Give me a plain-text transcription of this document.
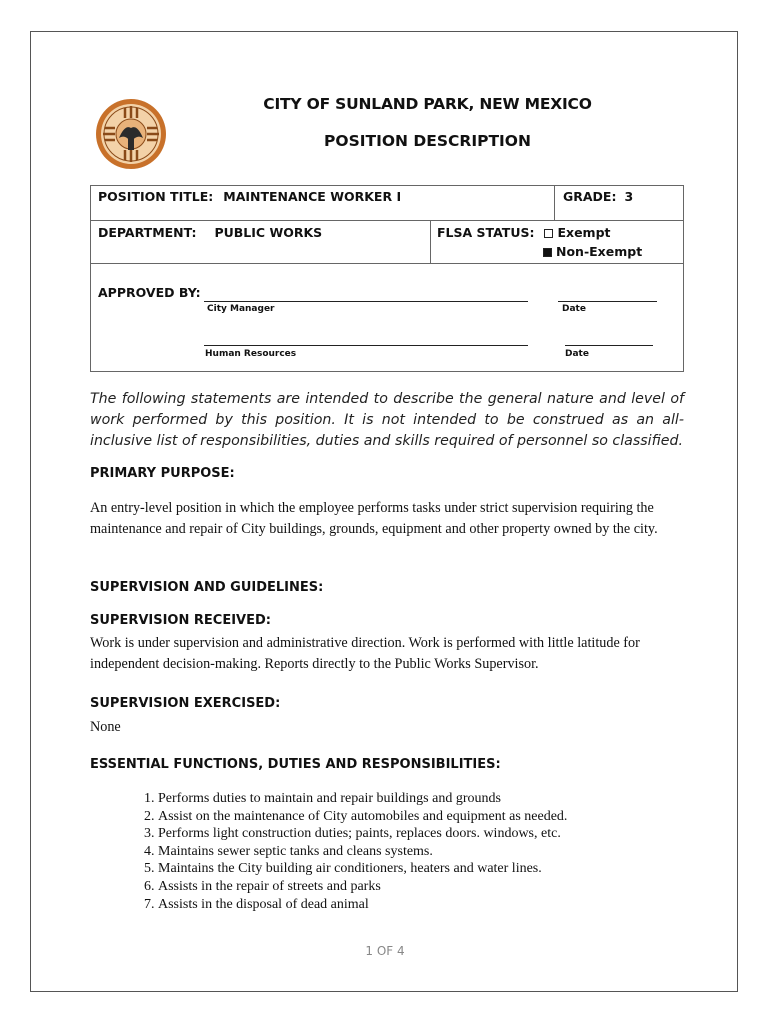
CITY OF SUNLAND PARK, NEW MEXICO
POSITION DESCRIPTION
POSITION TITLE: MAINTENANCE WORKER I		GRADE: 3
DEPARTMENT: PUBLIC WORKS	FLSA STATUS: Exempt
Non-Exempt	

APPROVED BY:
City Manager Date
Human Resources Date		
The following statements are intended to describe the general nature and level of work performed by this position. It is not intended to be construed as an all-inclusive list of responsibilities, duties and skills required of personnel so classified.
PRIMARY PURPOSE:
An entry-level position in which the employee performs tasks under strict supervision requiring the maintenance and repair of City buildings, grounds, equipment and other property owned by the city.
SUPERVISION AND GUIDELINES:
SUPERVISION RECEIVED:
Work is under supervision and administrative direction. Work is performed with little latitude for independent decision-making. Reports directly to the Public Works Supervisor.
SUPERVISION EXERCISED:
None
ESSENTIAL FUNCTIONS, DUTIES AND RESPONSIBILITIES:
1. Performs duties to maintain and repair buildings and grounds
2. Assist on the maintenance of City automobiles and equipment as needed.
3. Performs light construction duties; paints, replaces doors. windows, etc.
4. Maintains sewer septic tanks and cleans systems.
5. Maintains the City building air conditioners, heaters and water lines.
6. Assists in the repair of streets and parks
7. Assists in the disposal of dead animal
1 OF 4
